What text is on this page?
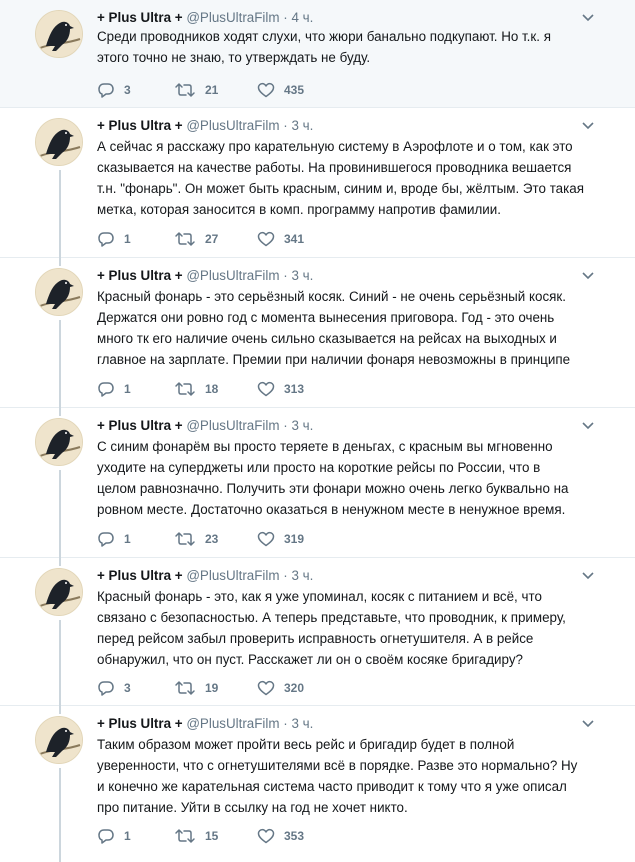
+ Plus Ultra + @PlusUltraFilm · 4 ч.
Среди проводников ходят слухи, что жюри банально подкупают. Но т.к. я
этого точно не знаю, то утверждать не буду.
3	21	435
+ Plus Ultra + @PlusUltraFilm · 3 ч.
А сейчас я расскажу про карательную систему в Аэрофлоте и о том, как это
сказывается на качестве работы. На провинившегося проводника вешается
т.н. "фонарь". Он может быть красным, синим и, вроде бы, жёлтым. Это такая
метка, которая заносится в комп. программу напротив фамилии.
1	27	341
+ Plus Ultra + @PlusUltraFilm · 3 ч.
Красный фонарь - это серьёзный косяк. Синий - не очень серьёзный косяк.
Держатся они ровно год с момента вынесения приговора. Год - это очень
много тк его наличие очень сильно сказывается на рейсах на выходных и
главное на зарплате. Премии при наличии фонаря невозможны в принципе
1	18	313
+ Plus Ultra + @PlusUltraFilm · 3 ч.
С синим фонарём вы просто теряете в деньгах, с красным вы мгновенно
уходите на суперджеты или просто на короткие рейсы по России, что в
целом равнозначно. Получить эти фонари можно очень легко буквально на
ровном месте. Достаточно оказаться в ненужном месте в ненужное время.
1	23	319
+ Plus Ultra + @PlusUltraFilm · 3 ч.
Красный фонарь - это, как я уже упоминал, косяк с питанием и всё, что
связано с безопасностью. А теперь представьте, что проводник, к примеру,
перед рейсом забыл проверить исправность огнетушителя. А в рейсе
обнаружил, что он пуст. Расскажет ли он о своём косяке бригадиру?
3	19	320
+ Plus Ultra + @PlusUltraFilm · 3 ч.
Таким образом может пройти весь рейс и бригадир будет в полной
уверенности, что с огнетушителями всё в порядке. Разве это нормально? Ну
и конечно же карательная система часто приводит к тому что я уже описал
про питание. Уйти в ссылку на год не хочет никто.
1	15	353
